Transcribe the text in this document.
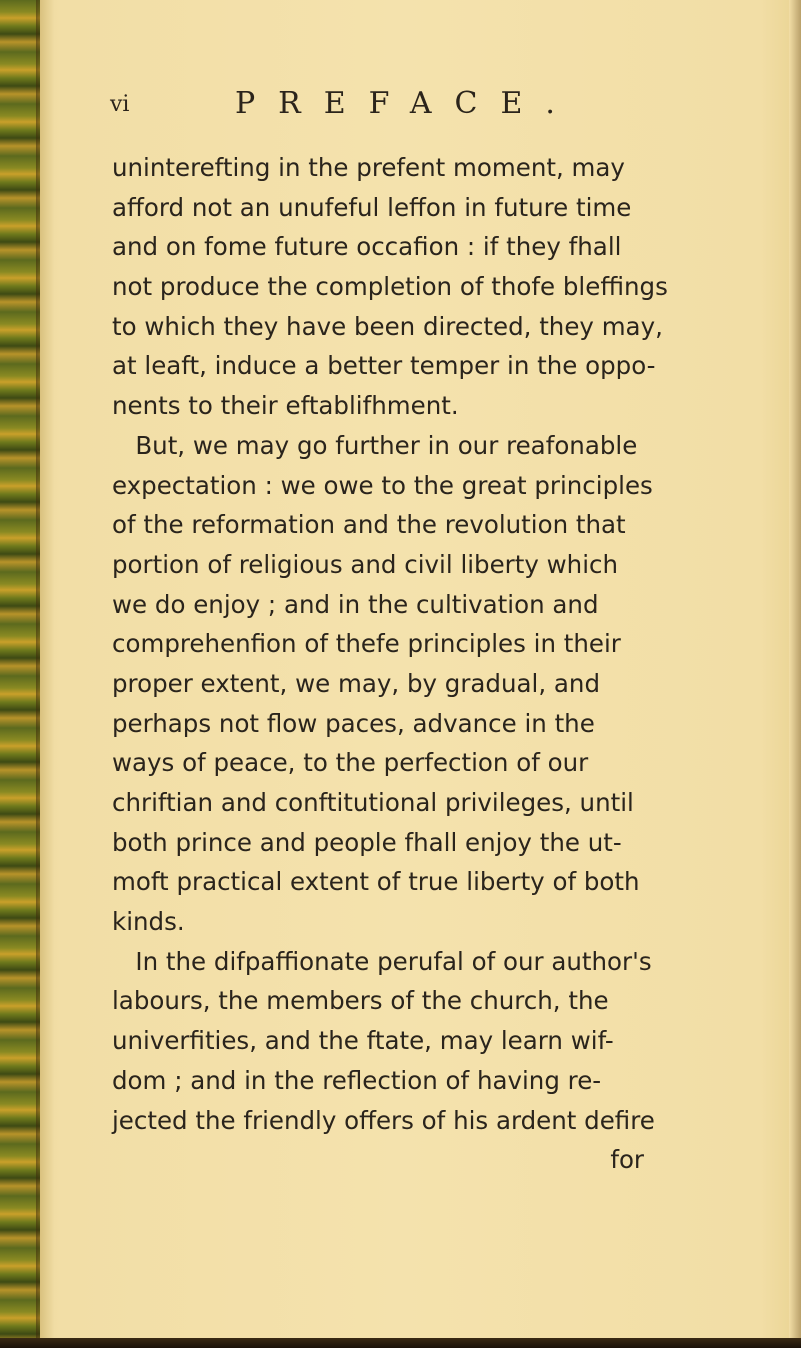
vi	PREFACE.
uninterefting in the prefent moment, may
afford not an unufeful leffon in future time
and on fome future occafion : if they fhall
not produce the completion of thofe bleffings
to which they have been directed, they may,
at leaft, induce a better temper in the oppo-
nents to their eftablifhment.
But, we may go further in our reafonable
expectation : we owe to the great principles
of the reformation and the revolution that
portion of religious and civil liberty which
we do enjoy ; and in the cultivation and
comprehenfion of thefe principles in their
proper extent, we may, by gradual, and
perhaps not flow paces, advance in the
ways of peace, to the perfection of our
chriftian and conftitutional privileges, until
both prince and people fhall enjoy the ut-
moft practical extent of true liberty of both
kinds.
In the difpaffionate perufal of our author's
labours, the members of the church, the
univerfities, and the ftate, may learn wif-
dom ; and in the reflection of having re-
jected the friendly offers of his ardent defire
for
